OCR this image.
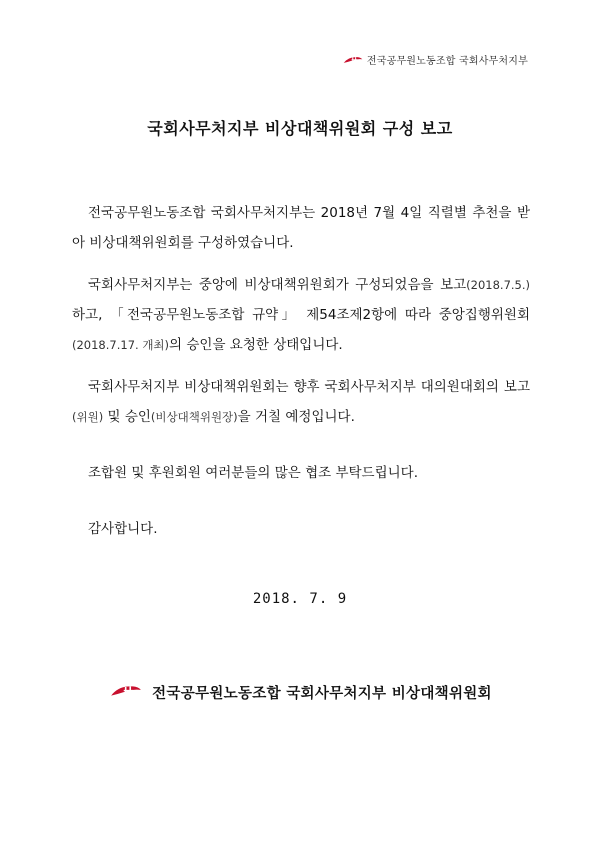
전국공무원노동조합 국회사무처지부
국회사무처지부 비상대책위원회 구성 보고

전국공무원노동조합 국회사무처지부는 2018년 7월 4일 직렬별 추천을 받아 비상대책위원회를 구성하였습니다.

국회사무처지부는 중앙에 비상대책위원회가 구성되었음을 보고(2018.7.5.)하고, 「전국공무원노동조합 규약」 제54조제2항에 따라 중앙집행위원회(2018.7.17. 개최)의 승인을 요청한 상태입니다.

국회사무처지부 비상대책위원회는 향후 국회사무처지부 대의원대회의 보고(위원) 및 승인(비상대책위원장)을 거칠 예정입니다.

조합원 및 후원회원 여러분들의 많은 협조 부탁드립니다.

감사합니다.

2018. 7. 9
전국공무원노동조합 국회사무처지부 비상대책위원회
